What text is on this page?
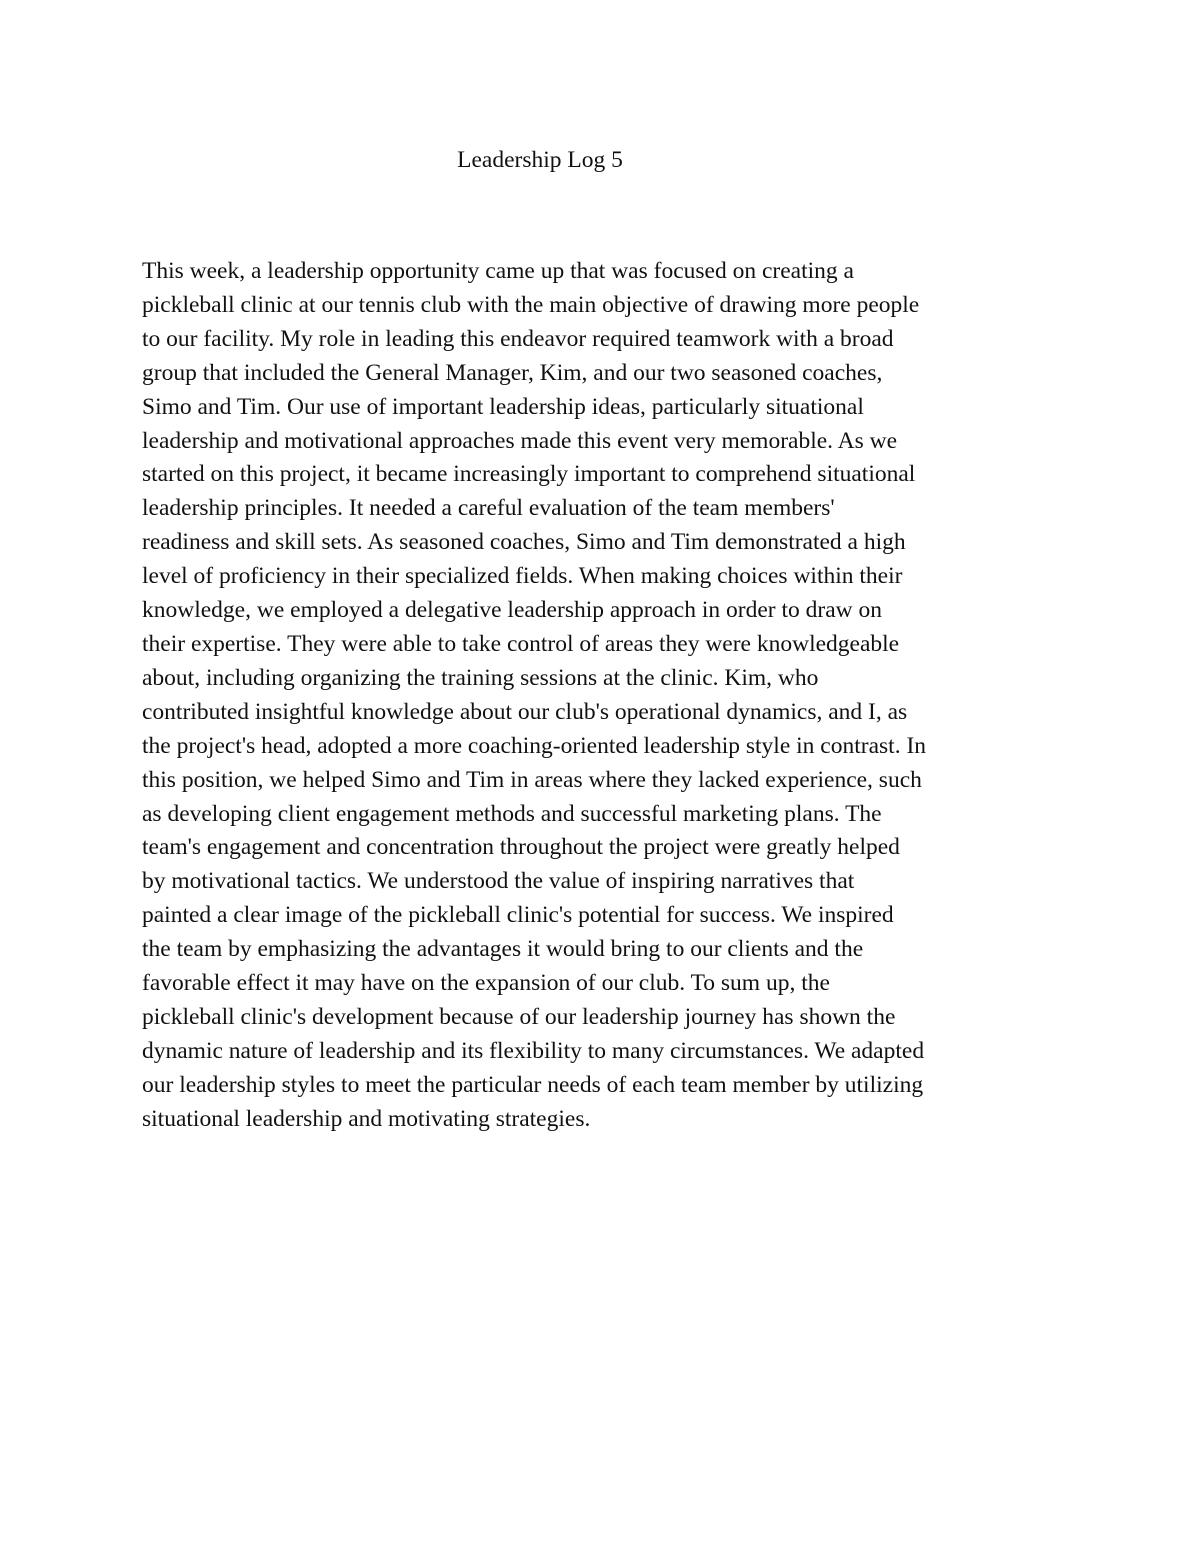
Leadership Log 5
This week, a leadership opportunity came up that was focused on creating a
pickleball clinic at our tennis club with the main objective of drawing more people
to our facility. My role in leading this endeavor required teamwork with a broad
group that included the General Manager, Kim, and our two seasoned coaches,
Simo and Tim. Our use of important leadership ideas, particularly situational
leadership and motivational approaches made this event very memorable. As we
started on this project, it became increasingly important to comprehend situational
leadership principles. It needed a careful evaluation of the team members'
readiness and skill sets. As seasoned coaches, Simo and Tim demonstrated a high
level of proficiency in their specialized fields. When making choices within their
knowledge, we employed a delegative leadership approach in order to draw on
their expertise. They were able to take control of areas they were knowledgeable
about, including organizing the training sessions at the clinic. Kim, who
contributed insightful knowledge about our club's operational dynamics, and I, as
the project's head, adopted a more coaching-oriented leadership style in contrast. In
this position, we helped Simo and Tim in areas where they lacked experience, such
as developing client engagement methods and successful marketing plans. The
team's engagement and concentration throughout the project were greatly helped
by motivational tactics. We understood the value of inspiring narratives that
painted a clear image of the pickleball clinic's potential for success. We inspired
the team by emphasizing the advantages it would bring to our clients and the
favorable effect it may have on the expansion of our club. To sum up, the
pickleball clinic's development because of our leadership journey has shown the
dynamic nature of leadership and its flexibility to many circumstances. We adapted
our leadership styles to meet the particular needs of each team member by utilizing
situational leadership and motivating strategies.
